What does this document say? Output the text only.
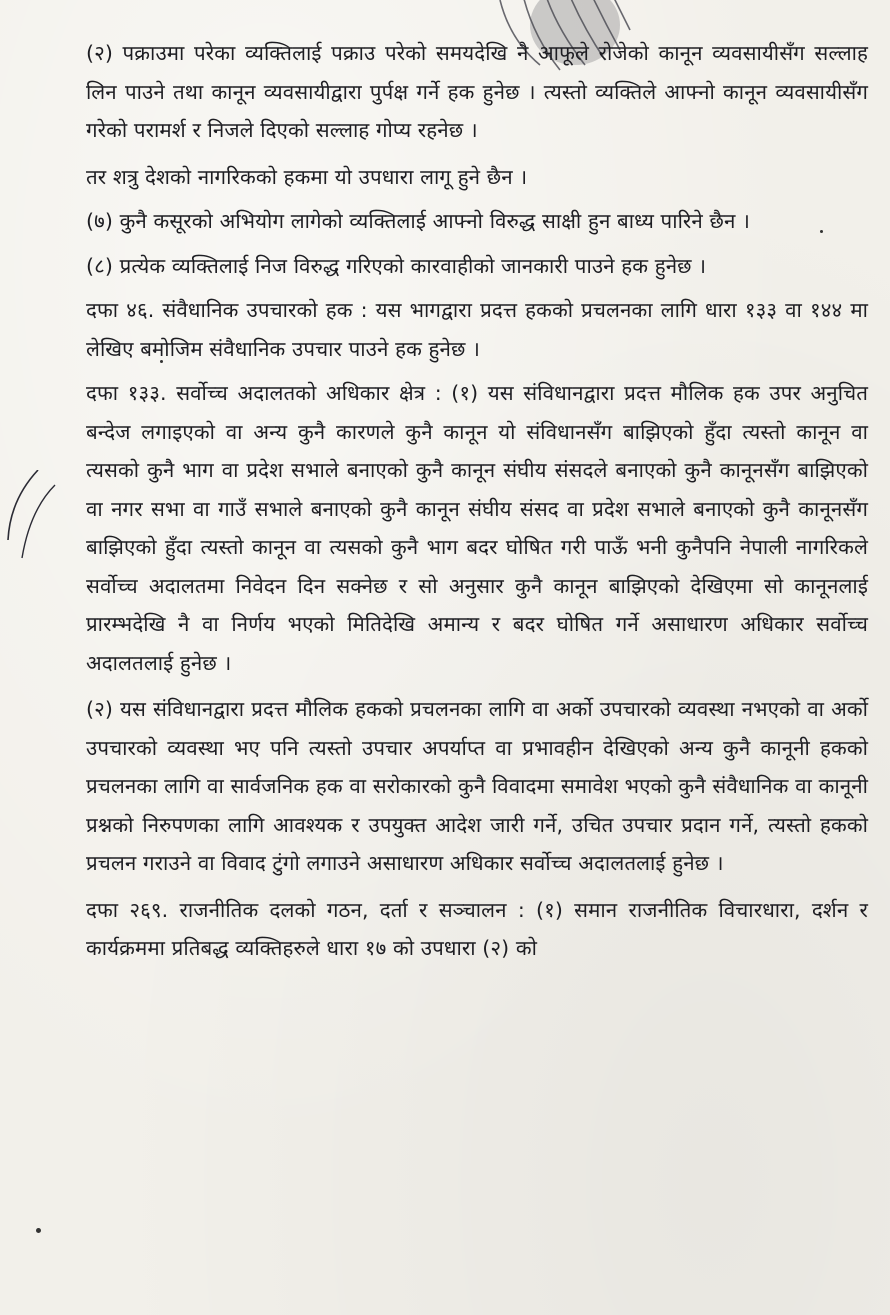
(२) पक्राउमा परेका व्यक्तिलाई पक्राउ परेको समयदेखि नै आफूले रोजेको कानून व्यवसायीसँग सल्लाह लिन पाउने तथा कानून व्यवसायीद्वारा पुर्पक्ष गर्ने हक हुनेछ । त्यस्तो व्यक्तिले आफ्नो कानून व्यवसायीसँग गरेको परामर्श र निजले दिएको सल्लाह गोप्य रहनेछ ।

तर शत्रु देशको नागरिकको हकमा यो उपधारा लागू हुने छैन ।

(७) कुनै कसूरको अभियोग लागेको व्यक्तिलाई आफ्नो विरुद्ध साक्षी हुन बाध्य पारिने छैन ।

(८) प्रत्येक व्यक्तिलाई निज विरुद्ध गरिएको कारवाहीको जानकारी पाउने हक हुनेछ ।

दफा ४६. संवैधानिक उपचारको हक : यस भागद्वारा प्रदत्त हकको प्रचलनका लागि धारा १३३ वा १४४ मा लेखिए बमोजिम संवैधानिक उपचार पाउने हक हुनेछ ।

दफा १३३. सर्वोच्च अदालतको अधिकार क्षेत्र : (१) यस संविधानद्वारा प्रदत्त मौलिक हक उपर अनुचित बन्देज लगाइएको वा अन्य कुनै कारणले कुनै कानून यो संविधानसँग बाझिएको हुँदा त्यस्तो कानून वा त्यसको कुनै भाग वा प्रदेश सभाले बनाएको कुनै कानून संघीय संसदले बनाएको कुनै कानूनसँग बाझिएको वा नगर सभा वा गाउँ सभाले बनाएको कुनै कानून संघीय संसद वा प्रदेश सभाले बनाएको कुनै कानूनसँग बाझिएको हुँदा त्यस्तो कानून वा त्यसको कुनै भाग बदर घोषित गरी पाऊँ भनी कुनैपनि नेपाली नागरिकले सर्वोच्च अदालतमा निवेदन दिन सक्नेछ र सो अनुसार कुनै कानून बाझिएको देखिएमा सो कानूनलाई प्रारम्भदेखि नै वा निर्णय भएको मितिदेखि अमान्य र बदर घोषित गर्ने असाधारण अधिकार सर्वोच्च अदालतलाई हुनेछ ।

(२) यस संविधानद्वारा प्रदत्त मौलिक हकको प्रचलनका लागि वा अर्को उपचारको व्यवस्था नभएको वा अर्को उपचारको व्यवस्था भए पनि त्यस्तो उपचार अपर्याप्त वा प्रभावहीन देखिएको अन्य कुनै कानूनी हकको प्रचलनका लागि वा सार्वजनिक हक वा सरोकारको कुनै विवादमा समावेश भएको कुनै संवैधानिक वा कानूनी प्रश्नको निरुपणका लागि आवश्यक र उपयुक्त आदेश जारी गर्ने, उचित उपचार प्रदान गर्ने, त्यस्तो हकको प्रचलन गराउने वा विवाद टुंगो लगाउने असाधारण अधिकार सर्वोच्च अदालतलाई हुनेछ ।

दफा २६९. राजनीतिक दलको गठन, दर्ता र सञ्चालन : (१) समान राजनीतिक विचारधारा, दर्शन र कार्यक्रममा प्रतिबद्ध व्यक्तिहरुले धारा १७ को उपधारा (२) को
